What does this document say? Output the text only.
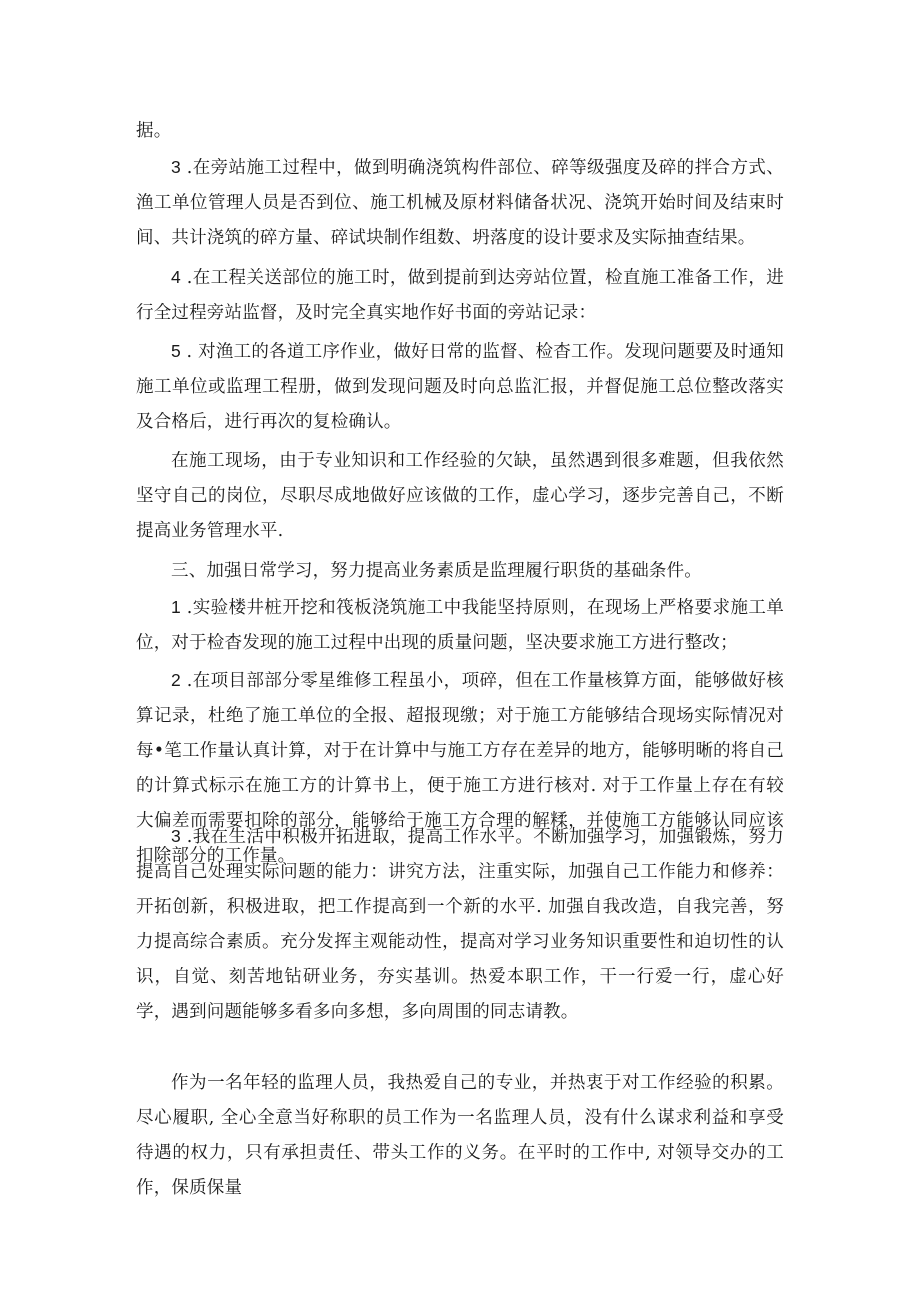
据。

3 .在旁站施工过程中，做到明确浇筑构件部位、碎等级强度及碎的拌合方式、渔工单位管理人员是否到位、施工机械及原材料储备状况、浇筑开始时间及结束时间、共计浇筑的碎方量、碎试块制作组数、坍落度的设计要求及实际抽查结果。

4 .在工程关送部位的施工时，做到提前到达旁站位置，检直施工准备工作，进行全过程旁站监督，及时完全真实地作好书面的旁站记录：

5 . 对渔工的各道工序作业，做好日常的监督、检杳工作。发现问题要及时通知施工单位或监理工程册，做到发现问题及时向总监汇报，并督促施工总位整改落实及合格后，进行再次的复检确认。

在施工现场，由于专业知识和工作经验的欠缺，虽然遇到很多难题，但我依然坚守自己的岗位，尽职尽成地做好应该做的工作，虚心学习，逐步完善自己，不断提高业务管理水平.

三、加强日常学习，努力提高业务素质是监理履行职货的基础条件。

1 .实验楼井桩开挖和筏板浇筑施工中我能坚持原则，在现场上严格要求施工单位，对于检杳发现的施工过程中出现的质量问题，坚决要求施工方进行整改；

2 .在项目部部分零星维修工程虽小，项碎，但在工作量核算方面，能够做好核算记录，杜绝了施工单位的全报、超报现缴；对于施工方能够结合现场实际情况对每•笔工作量认真计算，对于在计算中与施工方存在差异的地方，能够明晰的将自己的计算式标示在施工方的计算书上，便于施工方进行核对. 对于工作量上存在有较大偏差而需要扣除的部分，能够给于施工方合理的解糅，并使施工方能够认同应该扣除部分的工作量。

3 .我在生活中积极开拓进取，提高工作水平。不断加强学习，加强锻炼，努力提高自己处理实际问题的能力：讲究方法，注重实际，加强自己工作能力和修养：开拓创新，积极进取，把工作提高到一个新的水平. 加强自我改造，自我完善，努力提高综合素质。充分发挥主观能动性，提高对学习业务知识重要性和迫切性的认识，自觉、刻苦地钻研业务，夯实基训。热爱本职工作，干一行爱一行，虚心好学，遇到问题能够多看多向多想，多向周围的同志请教。

作为一名年轻的监理人员，我热爱自己的专业，并热衷于对工作经验的积累。尽心履职, 全心全意当好称职的员工作为一名监理人员，没有什么谋求利益和享受待遇的权力，只有承担责任、带头工作的义务。在平时的工作中, 对领导交办的工作，保质保量
